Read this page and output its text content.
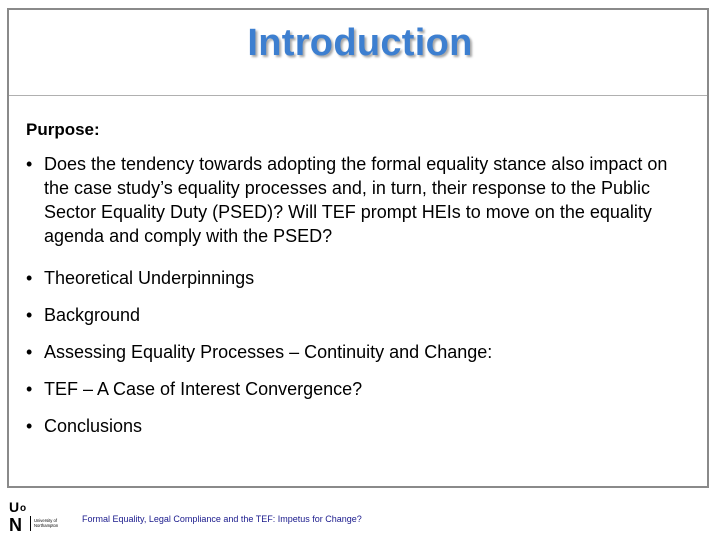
Introduction
Purpose:
• Does the tendency towards adopting the formal equality stance also impact on the case study’s equality processes and, in turn, their response to the Public Sector Equality Duty (PSED)? Will TEF prompt HEIs to move on the equality agenda and comply with the PSED?
• Theoretical Underpinnings
• Background
• Assessing Equality Processes – Continuity and Change:
• TEF – A Case of Interest Convergence?
• Conclusions
U o
N	University of
Northampton
Formal Equality, Legal Compliance and the TEF: Impetus for Change?
